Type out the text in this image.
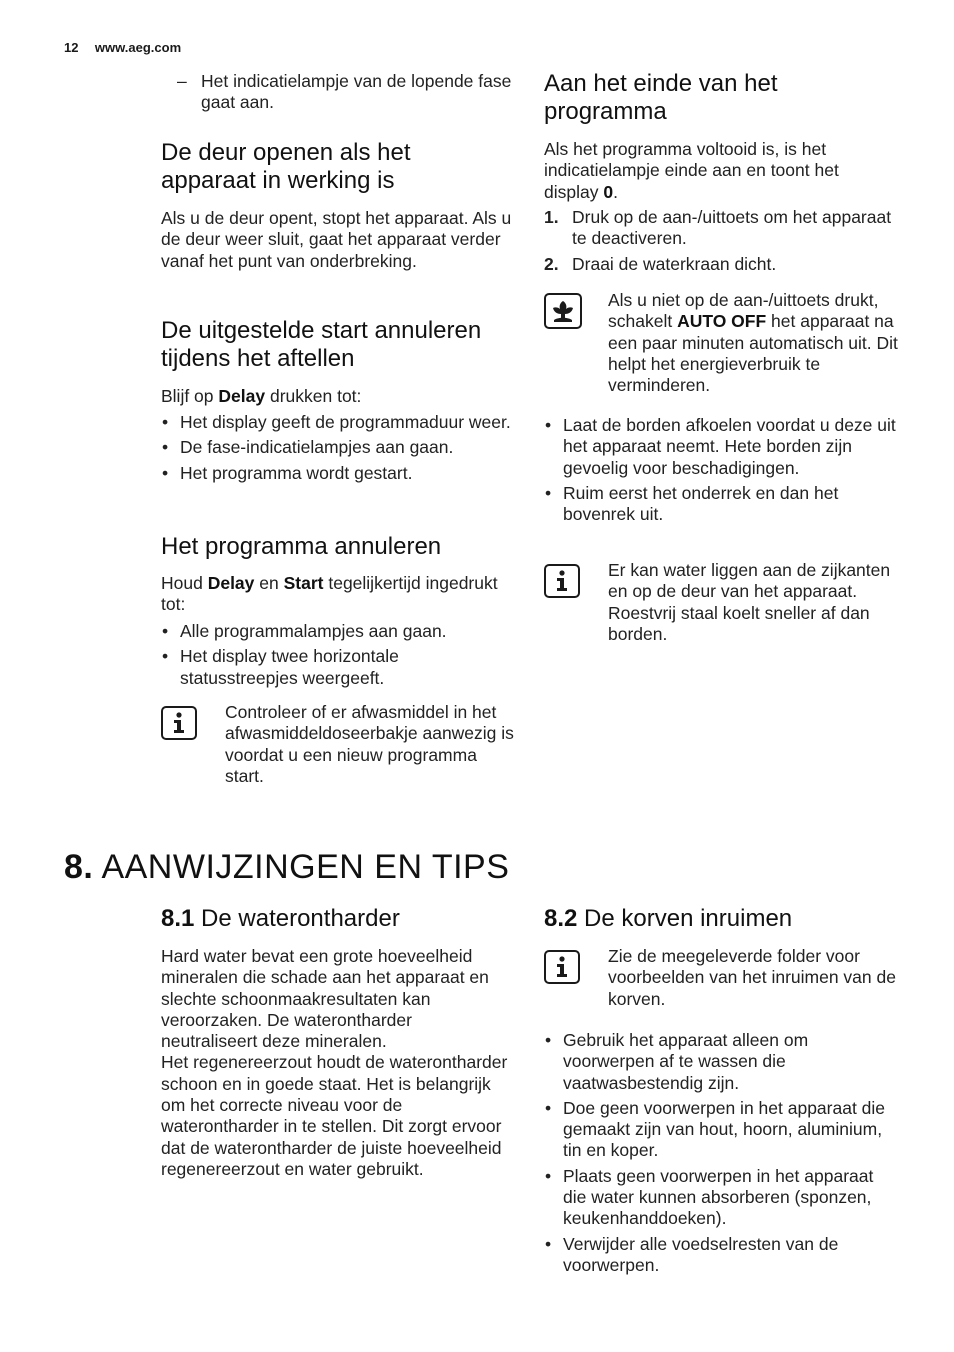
12 www.aeg.com
– Het indicatielampje van de lopende fase gaat aan.
De deur openen als het
apparaat in werking is
Als u de deur opent, stopt het apparaat. Als u de deur weer sluit, gaat het apparaat verder vanaf het punt van onderbreking.
De uitgestelde start annuleren
tijdens het aftellen
Blijf op Delay drukken tot:
• Het display geeft de programmaduur weer.
• De fase-indicatielampjes aan gaan.
• Het programma wordt gestart.
Het programma annuleren
Houd Delay en Start tegelijkertijd ingedrukt tot:
• Alle programmalampjes aan gaan.
• Het display twee horizontale statusstreepjes weergeeft.
Controleer of er afwasmiddel in het afwasmiddeldoseerbakje aanwezig is voordat u een nieuw programma start.
Aan het einde van het
programma
Als het programma voltooid is, is het indicatielampje einde aan en toont het display 0.
1. Druk op de aan-/uittoets om het apparaat te deactiveren.
2. Draai de waterkraan dicht.
Als u niet op de aan-/uittoets drukt, schakelt AUTO OFF het apparaat na een paar minuten automatisch uit. Dit helpt het energieverbruik te verminderen.
• Laat de borden afkoelen voordat u deze uit het apparaat neemt. Hete borden zijn gevoelig voor beschadigingen.
• Ruim eerst het onderrek en dan het bovenrek uit.
Er kan water liggen aan de zijkanten en op de deur van het apparaat. Roestvrij staal koelt sneller af dan borden.
8. AANWIJZINGEN EN TIPS
8.1 De waterontharder
Hard water bevat een grote hoeveelheid mineralen die schade aan het apparaat en slechte schoonmaakresultaten kan veroorzaken. De waterontharder neutraliseert deze mineralen.
Het regenereerzout houdt de waterontharder schoon en in goede staat. Het is belangrijk om het correcte niveau voor de waterontharder in te stellen. Dit zorgt ervoor dat de waterontharder de juiste hoeveelheid regenereerzout en water gebruikt.
8.2 De korven inruimen
Zie de meegeleverde folder voor voorbeelden van het inruimen van de korven.
• Gebruik het apparaat alleen om voorwerpen af te wassen die vaatwasbestendig zijn.
• Doe geen voorwerpen in het apparaat die gemaakt zijn van hout, hoorn, aluminium, tin en koper.
• Plaats geen voorwerpen in het apparaat die water kunnen absorberen (sponzen, keukenhanddoeken).
• Verwijder alle voedselresten van de voorwerpen.
